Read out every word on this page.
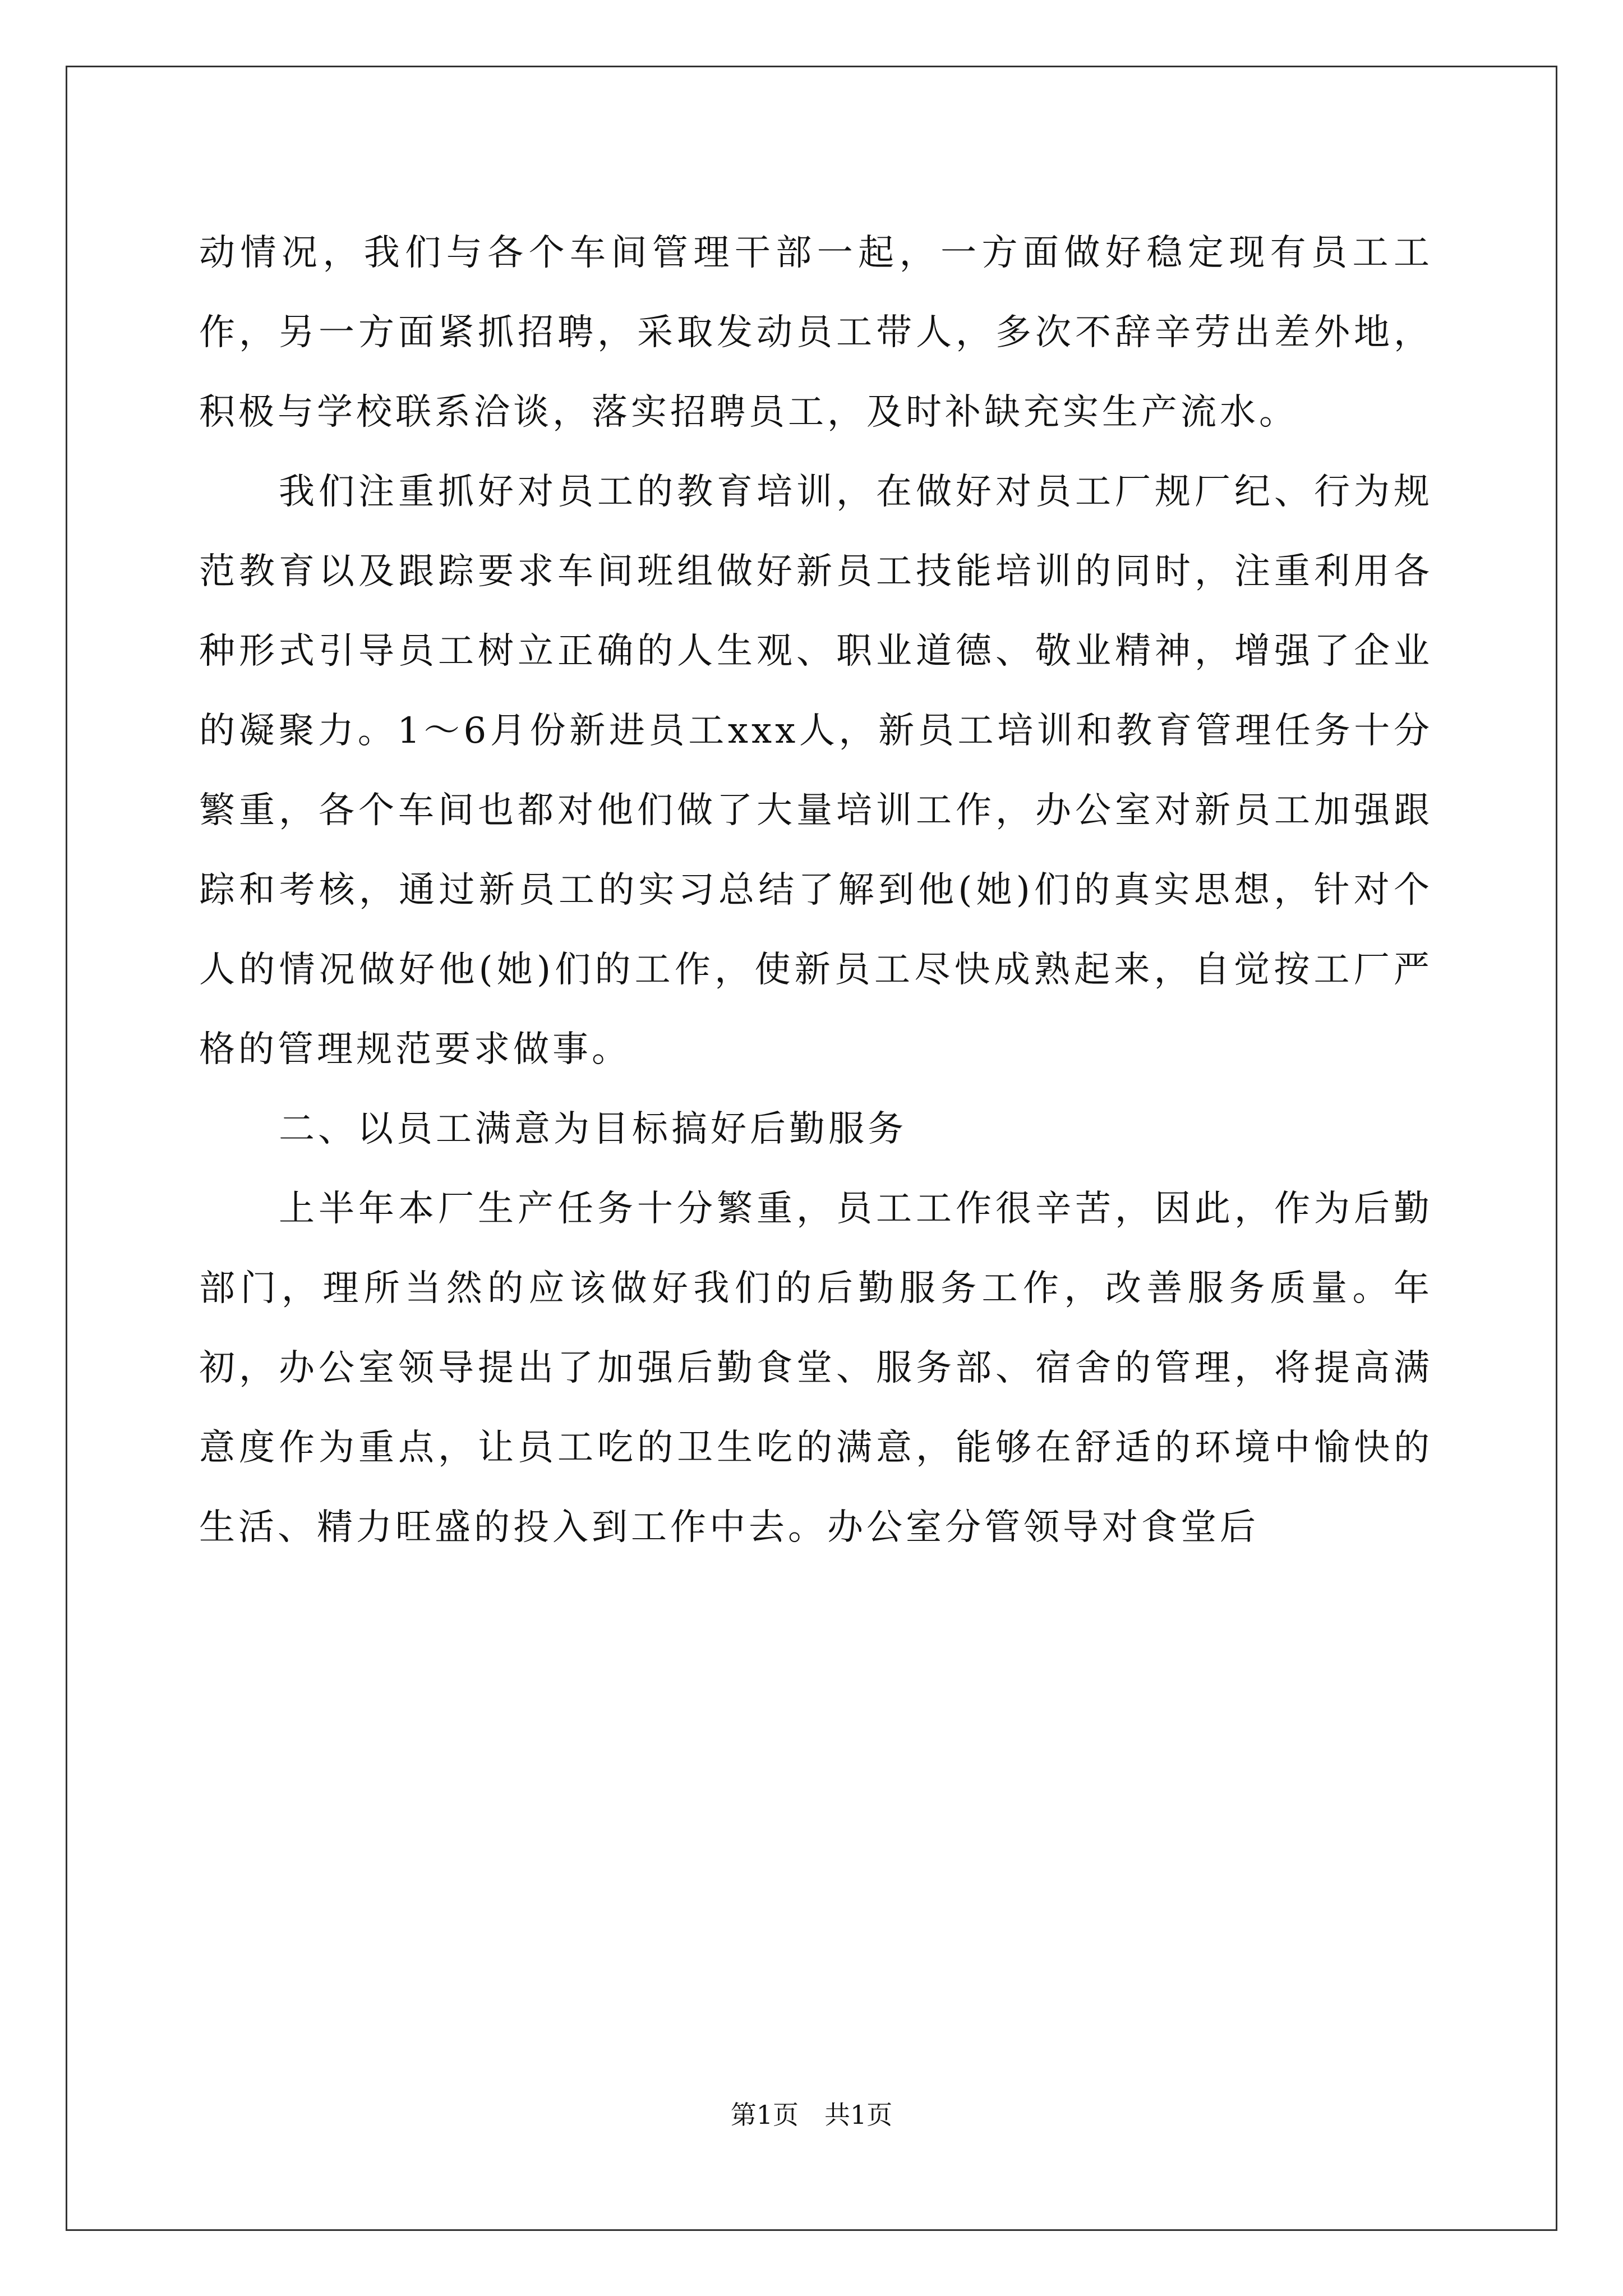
动情况，我们与各个车间管理干部一起，一方面做好稳定现有员工工作，另一方面紧抓招聘，采取发动员工带人，多次不辞辛劳出差外地，积极与学校联系洽谈，落实招聘员工，及时补缺充实生产流水。

我们注重抓好对员工的教育培训，在做好对员工厂规厂纪、行为规范教育以及跟踪要求车间班组做好新员工技能培训的同时，注重利用各种形式引导员工树立正确的人生观、职业道德、敬业精神，增强了企业的凝聚力。1～6月份新进员工xxx人，新员工培训和教育管理任务十分繁重，各个车间也都对他们做了大量培训工作，办公室对新员工加强跟踪和考核，通过新员工的实习总结了解到他(她)们的真实思想，针对个人的情况做好他(她)们的工作，使新员工尽快成熟起来，自觉按工厂严格的管理规范要求做事。

二、以员工满意为目标搞好后勤服务

上半年本厂生产任务十分繁重，员工工作很辛苦，因此，作为后勤部门，理所当然的应该做好我们的后勤服务工作，改善服务质量。年初，办公室领导提出了加强后勤食堂、服务部、宿舍的管理，将提高满意度作为重点，让员工吃的卫生吃的满意，能够在舒适的环境中愉快的生活、精力旺盛的投入到工作中去。办公室分管领导对食堂后

第1页　共1页
